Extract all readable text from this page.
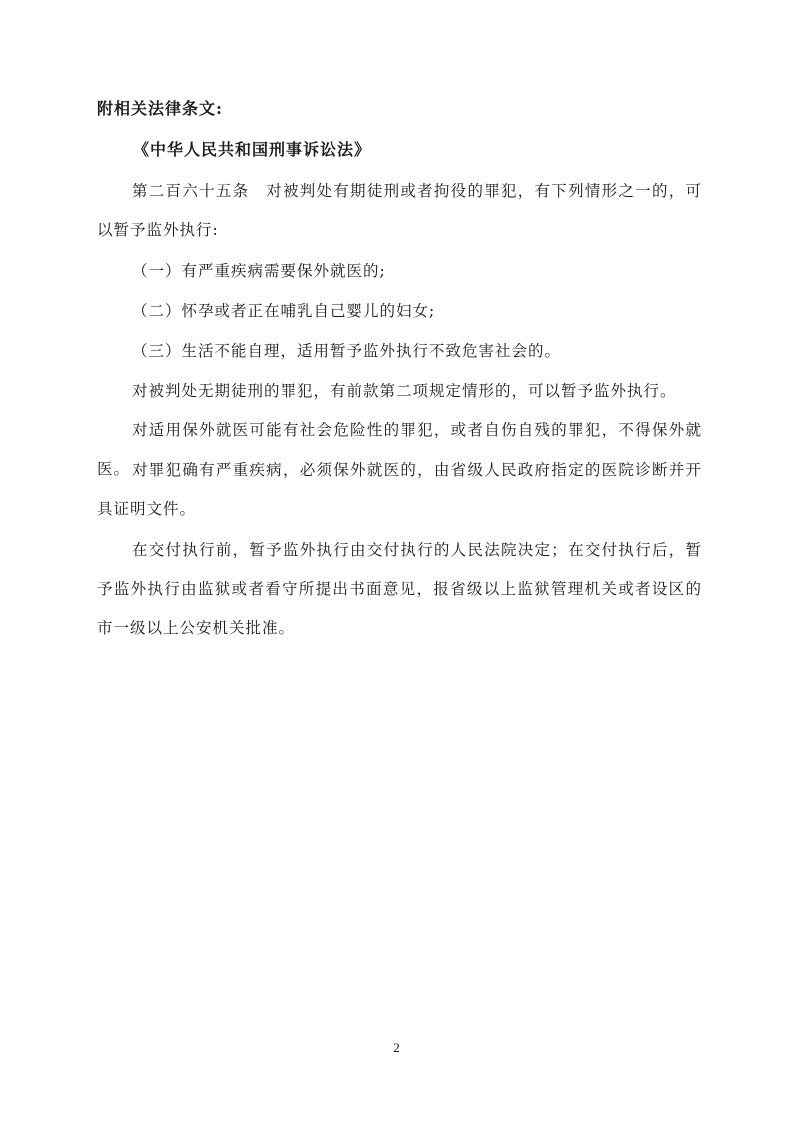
附相关法律条文:
《中华人民共和国刑事诉讼法》

第二百六十五条　对被判处有期徒刑或者拘役的罪犯，有下列情形之一的，可以暂予监外执行:

（一）有严重疾病需要保外就医的;

（二）怀孕或者正在哺乳自己婴儿的妇女;

（三）生活不能自理，适用暂予监外执行不致危害社会的。

对被判处无期徒刑的罪犯，有前款第二项规定情形的，可以暂予监外执行。

对适用保外就医可能有社会危险性的罪犯，或者自伤自残的罪犯，不得保外就医。 对罪犯确有严重疾病，必须保外就医的，由省级人民政府指定的医院诊断并开具证明文件。

在交付执行前，暂予监外执行由交付执行的人民法院决定；在交付执行后，暂予监外执行由监狱或者看守所提出书面意见，报省级以上监狱管理机关或者设区的市一级以上公安机关批准。

2
